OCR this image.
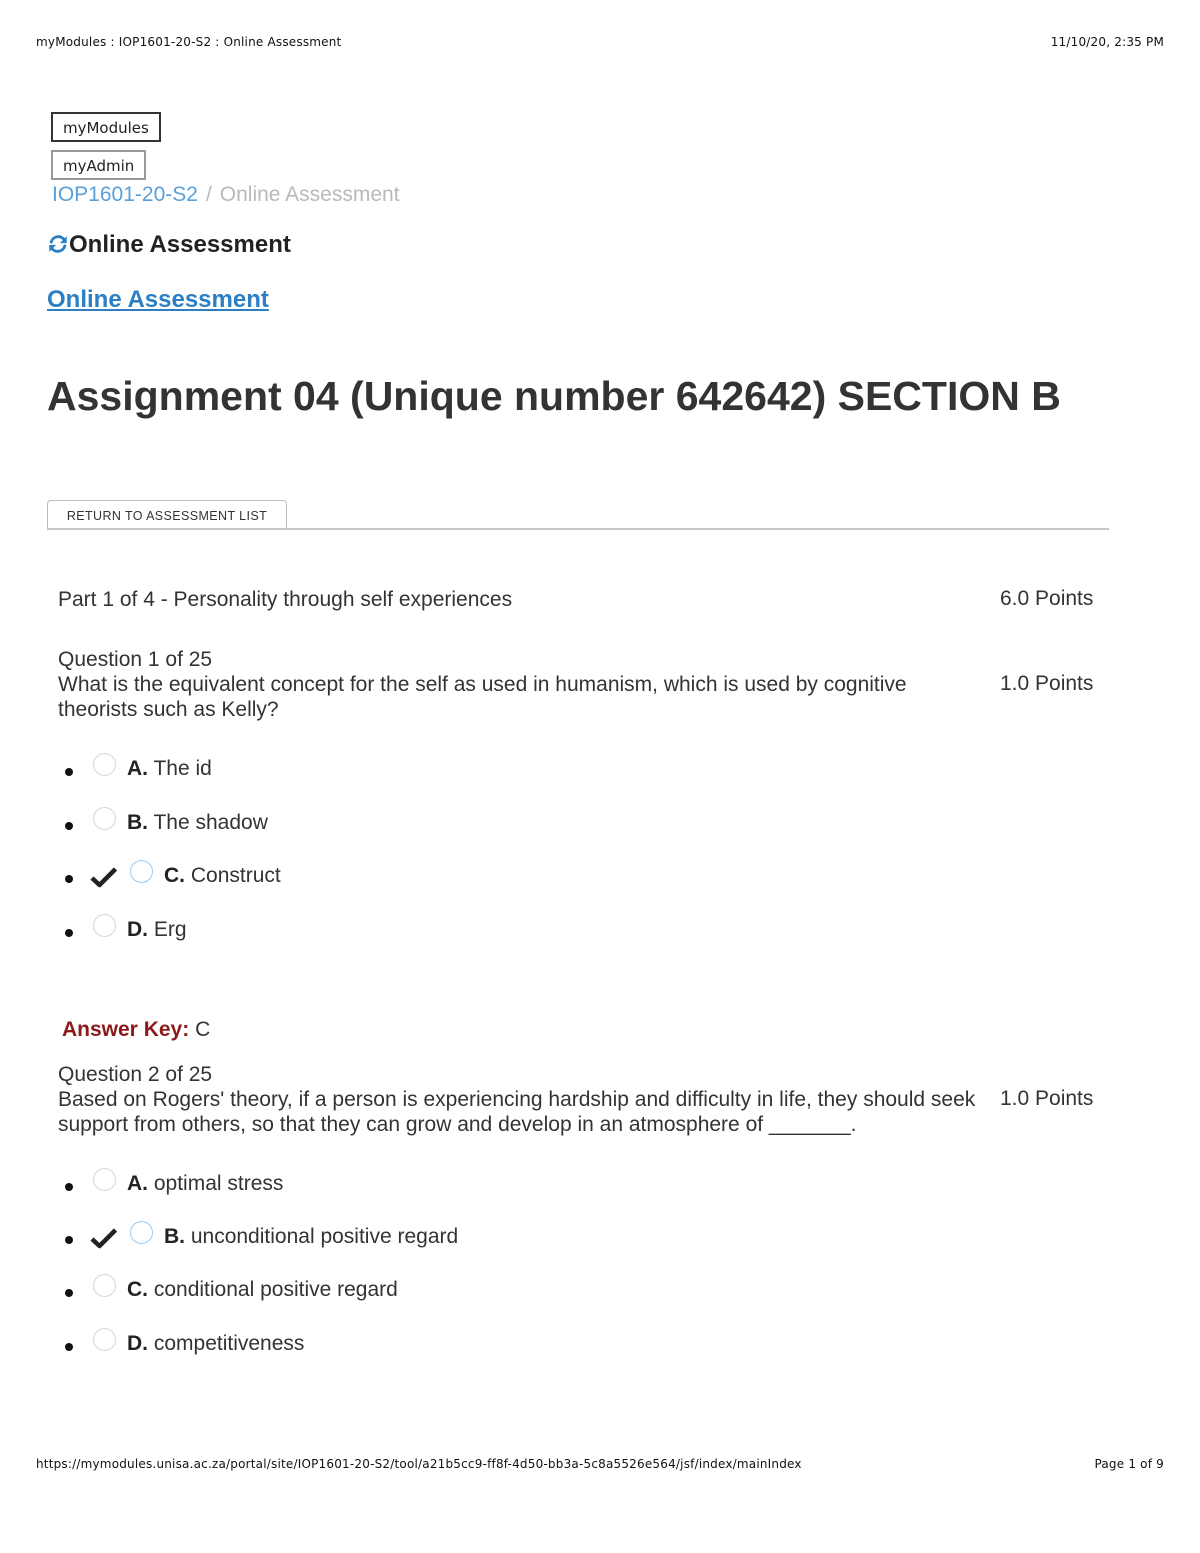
myModules : IOP1601-20-S2 : Online Assessment	11/10/20, 2:35 PM
myModules
myAdmin
IOP1601-20-S2 / Online Assessment
Online Assessment
Online Assessment
Assignment 04 (Unique number 642642) SECTION B
RETURN TO ASSESSMENT LIST
Part 1 of 4 - Personality through self experiences	6.0 Points
Question 1 of 25
What is the equivalent concept for the self as used in humanism, which is used by cognitive theorists such as Kelly?
1.0 Points
A. The id
B. The shadow
C. Construct
D. Erg
Answer Key: C
Question 2 of 25
Based on Rogers' theory, if a person is experiencing hardship and difficulty in life, they should seek support from others, so that they can grow and develop in an atmosphere of _______.
1.0 Points
A. optimal stress
B. unconditional positive regard
C. conditional positive regard
D. competitiveness
https://mymodules.unisa.ac.za/portal/site/IOP1601-20-S2/tool/a21b5cc9-ff8f-4d50-bb3a-5c8a5526e564/jsf/index/mainIndex	Page 1 of 9
